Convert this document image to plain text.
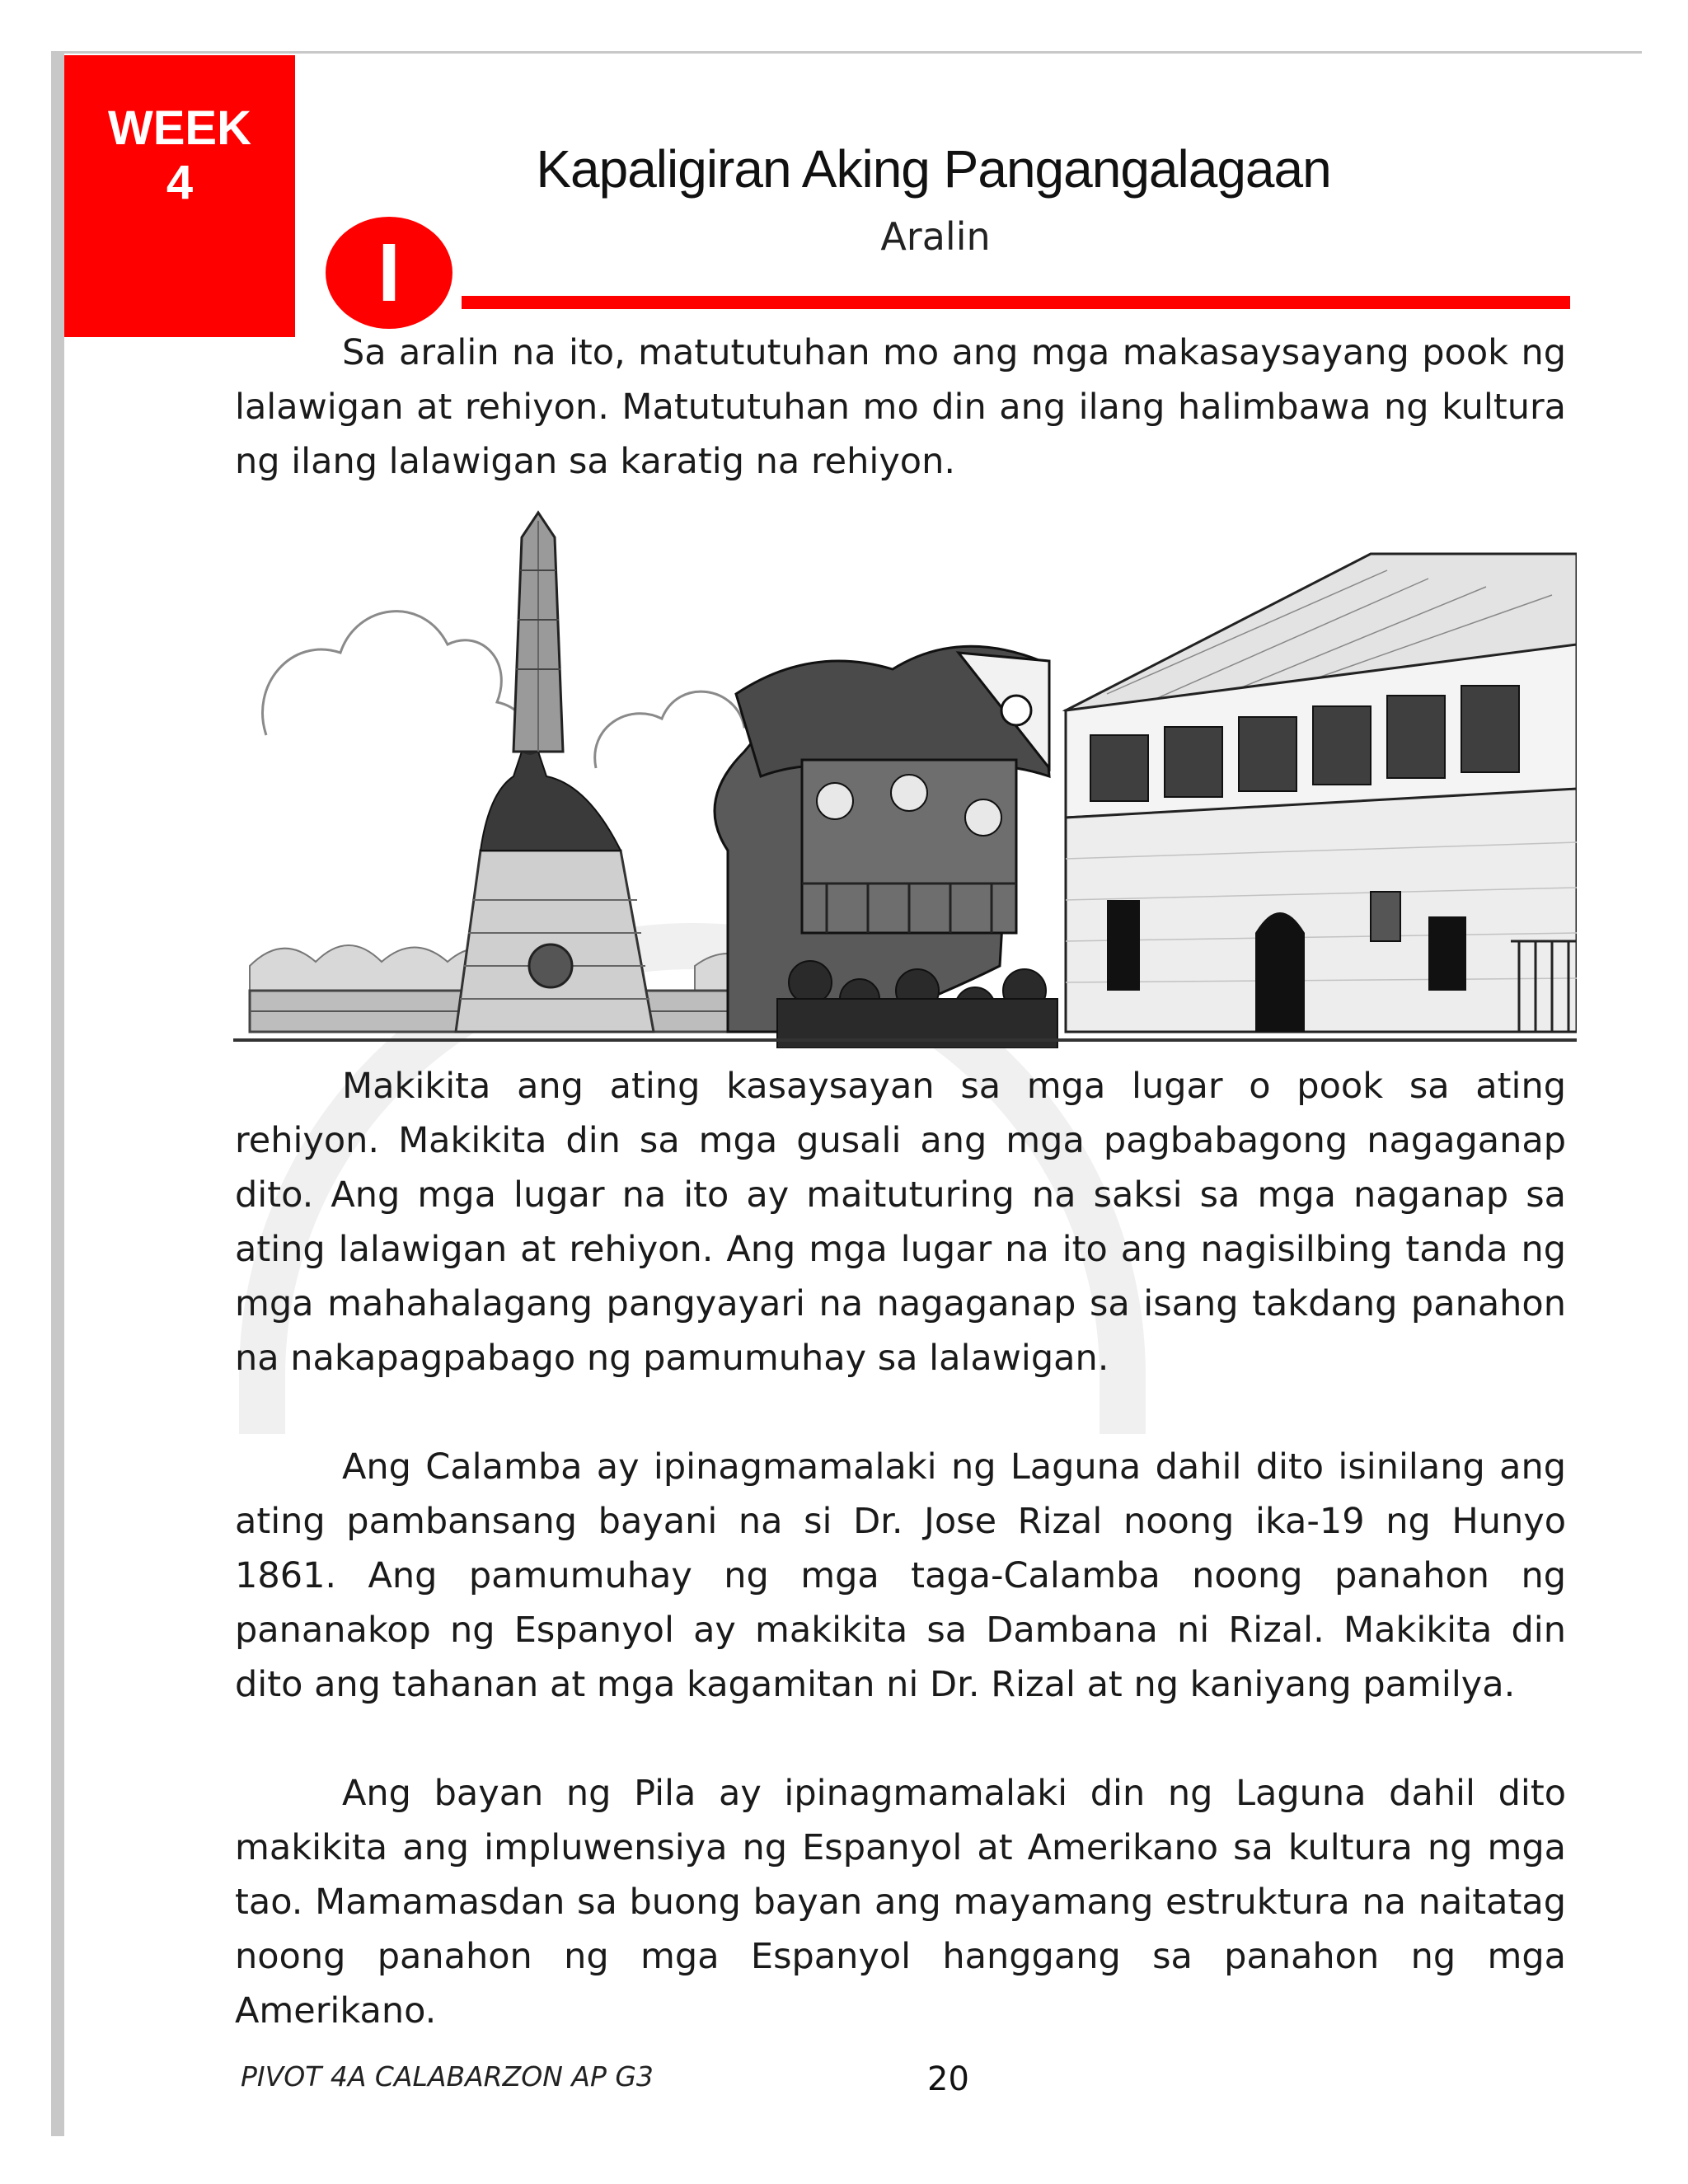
WEEK
4	Kapaligiran Aking Pangangalagaan
Aralin
I

Sa aralin na ito, matututuhan mo ang mga makasaysayang pook ng lalawigan at rehiyon. Matututuhan mo din ang ilang halimbawa ng kultura ng ilang lalawigan sa karatig na rehiyon.

Makikita ang ating kasaysayan sa mga lugar o pook sa ating rehiyon. Makikita din sa mga gusali ang mga pagbabagong nagaganap dito. Ang mga lugar na ito ay maituturing na saksi sa mga naganap sa ating lalawigan at rehiyon. Ang mga lugar na ito ang nagisilbing tanda ng mga mahahalagang pangyayari na nagaganap sa isang takdang panahon na nakapagpabago ng pamumuhay sa lalawigan.

Ang Calamba ay ipinagmamalaki ng Laguna dahil dito isinilang ang ating pambansang bayani na si Dr. Jose Rizal noong ika-19 ng Hunyo 1861. Ang pamumuhay ng mga taga-Calamba noong panahon ng pananakop ng Espanyol ay makikita sa Dambana ni Rizal. Makikita din dito ang tahanan at mga kagamitan ni Dr. Rizal at ng kaniyang pamilya.

Ang bayan ng Pila ay ipinagmamalaki din ng Laguna dahil dito makikita ang impluwensiya ng Espanyol at Amerikano sa kultura ng mga tao. Mamamasdan sa buong bayan ang mayamang estruktura na naitatag noong panahon ng mga Espanyol hanggang sa panahon ng mga Amerikano.

PIVOT 4A CALABARZON AP G3	20
